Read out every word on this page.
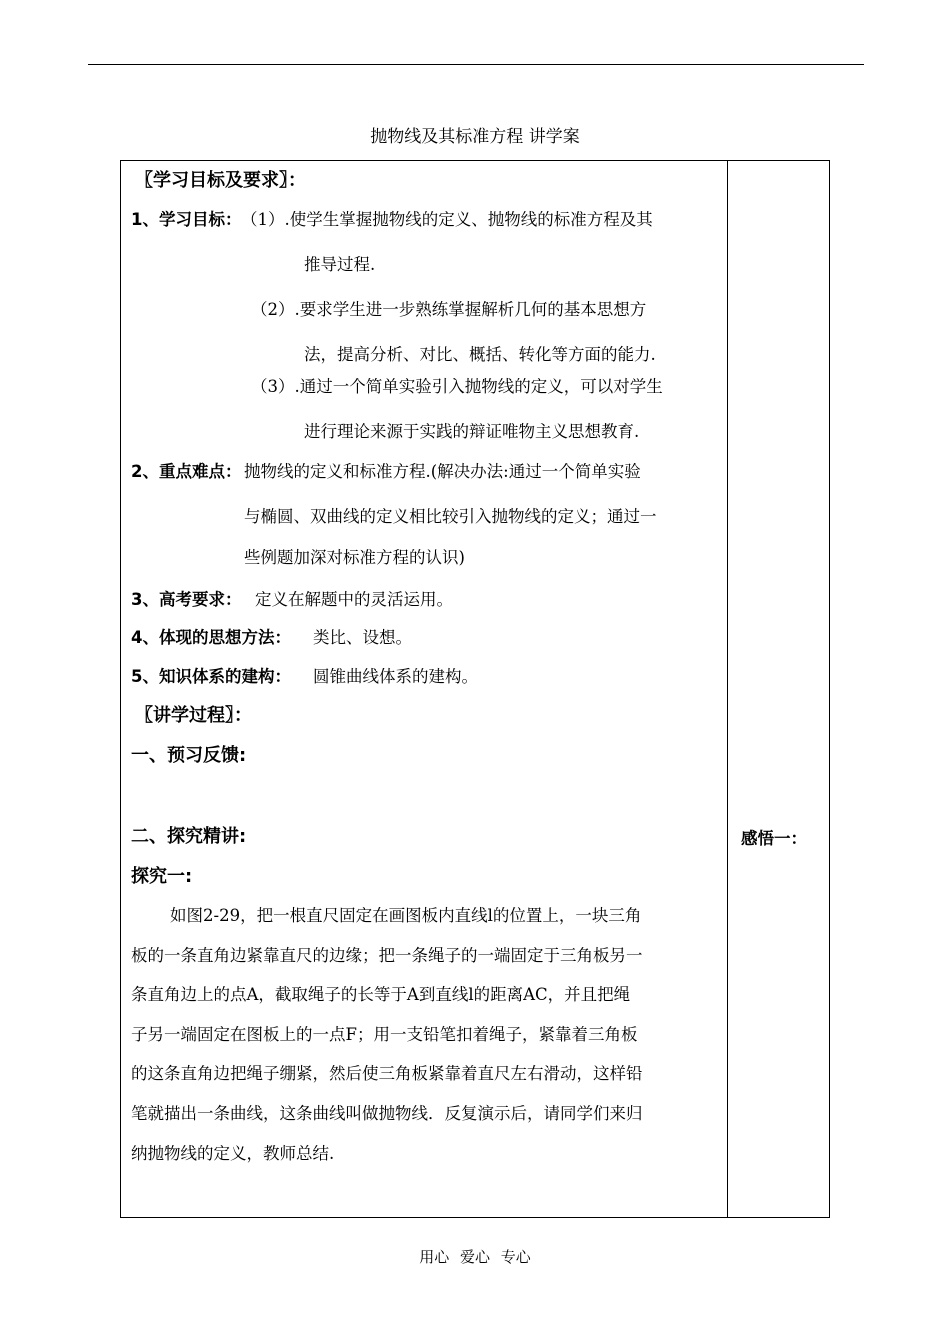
抛物线及其标准方程 讲学案
〖学习目标及要求〗：
1、学习目标： （1）.使学生掌握抛物线的定义、抛物线的标准方程及其
推导过程.
（2）.要求学生进一步熟练掌握解析几何的基本思想方
法，提高分析、对比、概括、转化等方面的能力.
（3）.通过一个简单实验引入抛物线的定义，可以对学生
进行理论来源于实践的辩证唯物主义思想教育.
2、重点难点： 抛物线的定义和标准方程.(解决办法:通过一个简单实验
与椭圆、双曲线的定义相比较引入抛物线的定义；通过一
些例题加深对标准方程的认识)
3、高考要求： 定义在解题中的灵活运用。
4、体现的思想方法： 类比、设想。
5、知识体系的建构： 圆锥曲线体系的建构。
〖讲学过程〗：
一、预习反馈:
二、探究精讲:
探究一:
如图2-29，把一根直尺固定在画图板内直线l的位置上，一块三角
板的一条直角边紧靠直尺的边缘；把一条绳子的一端固定于三角板另一
条直角边上的点A，截取绳子的长等于A到直线l的距离AC，并且把绳
子另一端固定在图板上的一点F；用一支铅笔扣着绳子，紧靠着三角板
的这条直角边把绳子绷紧，然后使三角板紧靠着直尺左右滑动，这样铅
笔就描出一条曲线，这条曲线叫做抛物线．反复演示后，请同学们来归
纳抛物线的定义，教师总结.
感悟一：
用心 爱心 专心
